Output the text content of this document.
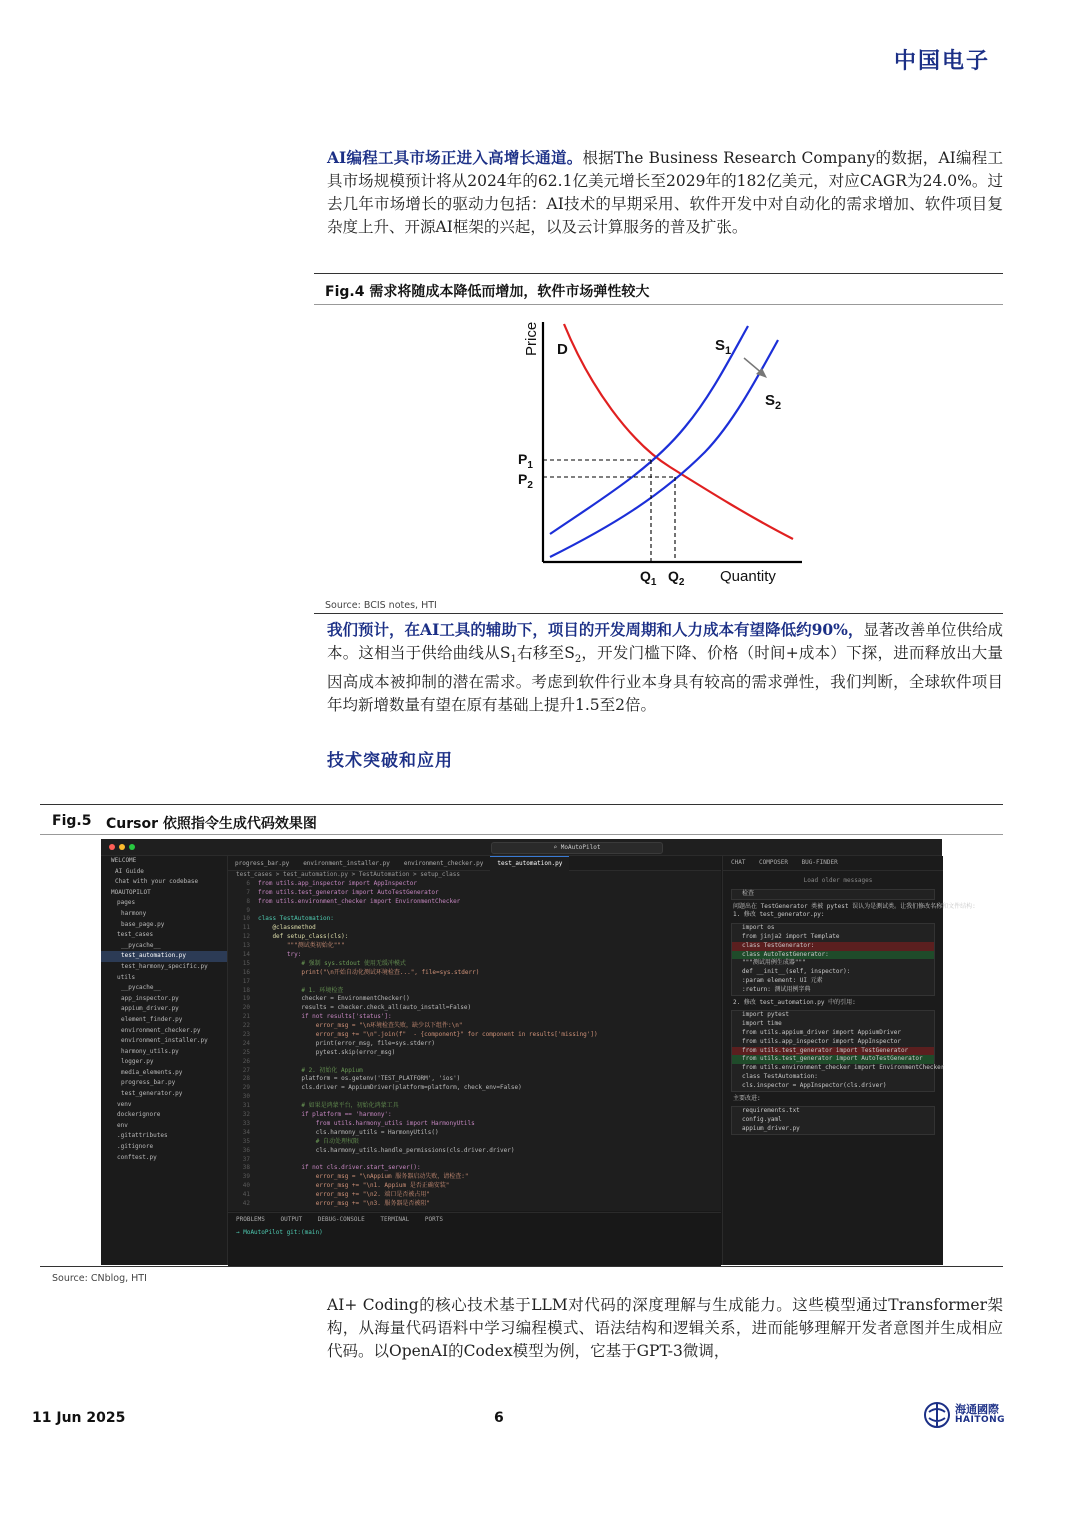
中国电子

AI编程工具市场正进入高增长通道。根据The Business Research Company的数据，AI编程工具市场规模预计将从2024年的62.1亿美元增长至2029年的182亿美元，对应CAGR为24.0%。过去几年市场增长的驱动力包括：AI技术的早期采用、软件开发中对自动化的需求增加、软件项目复杂度上升、开源AI框架的兴起，以及云计算服务的普及扩张。

Fig.4 需求将随成本降低而增加，软件市场弹性较大
Price
Quantity
D	$S_1$
$S_2$
$P_1$
$P_2$
$Q_1$ $Q_2$
Source: BCIS notes, HTI

我们预计，在AI工具的辅助下，项目的开发周期和人力成本有望降低约90%，显著改善单位供给成本。这相当于供给曲线从$S_1$右移至$S_2$，开发门槛下降、价格（时间+成本）下探，进而释放出大量因高成本被抑制的潜在需求。考虑到软件行业本身具有较高的需求弹性，我们判断，全球软件项目年均新增数量有望在原有基础上提升1.5至2倍。

技术突破和应用
Fig.5 Cursor 依照指令生成代码效果图
⌕ MoAutoPilot
WELCOME
AI Guide
Chat with your codebase
MOAUTOPILOT
pages
harmony
base_page.py
test_cases
__pycache__
test_automation.py
test_harmony_specific.py
utils
__pycache__
app_inspector.py
appium_driver.py
element_finder.py
environment_checker.py
environment_installer.py
harmony_utils.py
logger.py
media_elements.py
progress_bar.py
test_generator.py
venv
dockerignore
env
.gitattributes
.gitignore
conftest.py
progress_bar.py environment_installer.py environment_checker.py test_automation.py
test_cases > test_automation.py > TestAutomation > setup_class
6 from utils.app_inspector import AppInspector
7 from utils.test_generator import AutoTestGenerator
8 from utils.environment_checker import EnvironmentChecker
9
10 class TestAutomation:
11    @classmethod
12    def setup_class(cls):
13        """测试类初始化"""
14        try:
15            # 强制 sys.stdout 使用无缓冲模式
16            print("\n开始自动化测试环境检查...", file=sys.stderr)
17
18            # 1. 环境检查
19            checker = EnvironmentChecker()
20            results = checker.check_all(auto_install=False)
21            if not results['status']:
22                error_msg = "\n环境检查失败，缺少以下组件:\n"
23                error_msg += "\n".join(f"  - {component}" for component in results['missing'])
24                print(error_msg, file=sys.stderr)
25                pytest.skip(error_msg)
26
27            # 2. 初始化 Appium
28            platform = os.getenv('TEST_PLATFORM', 'ios')
29            cls.driver = AppiumDriver(platform=platform, check_env=False)
30
31            # 如果是鸿蒙平台，初始化鸿蒙工具
32            if platform == 'harmony':
33                from utils.harmony_utils import HarmonyUtils
34                cls.harmony_utils = HarmonyUtils()
35                # 自动处理权限
36                cls.harmony_utils.handle_permissions(cls.driver.driver)
37
38            if not cls.driver.start_server():
39                error_msg = "\nAppium 服务器启动失败，请检查:"
40                error_msg += "\n1. Appium 是否正确安装"
41                error_msg += "\n2. 端口是否被占用"
42                error_msg += "\n3. 服务器是否被阻"
PROBLEMS OUTPUT DEBUG-CONSOLE TERMINAL PORTS
→ MoAutoPilot git:(main)
CHAT COMPOSER BUG-FINDER
Load older messages
检查
问题出在 TestGenerator 类被 pytest 误认为是测试类。让我们修改名称和文件结构:
1. 修改 test_generator.py:
import os
from jinja2 import Template
class TestGenerator:
class AutoTestGenerator:
"""测试用例生成器"""
def __init__(self, inspector):
:param element: UI 元素
:return: 测试用例字典
2. 修改 test_automation.py 中的引用:
import pytest
import time
from utils.appium_driver import AppiumDriver
from utils.app_inspector import AppInspector
from utils.test_generator import TestGenerator
from utils.test_generator import AutoTestGenerator
from utils.environment_checker import EnvironmentChecker
class TestAutomation:
cls.inspector = AppInspector(cls.driver)
主要改进:
requirements.txt
config.yaml
appium_driver.py
Source: CNblog, HTI

AI+ Coding的核心技术基于LLM对代码的深度理解与生成能力。这些模型通过Transformer架构，从海量代码语料中学习编程模式、语法结构和逻辑关系，进而能够理解开发者意图并生成相应代码。以OpenAI的Codex模型为例，它基于GPT-3微调，

11 Jun 2025	6
海通國際
HAITONG
